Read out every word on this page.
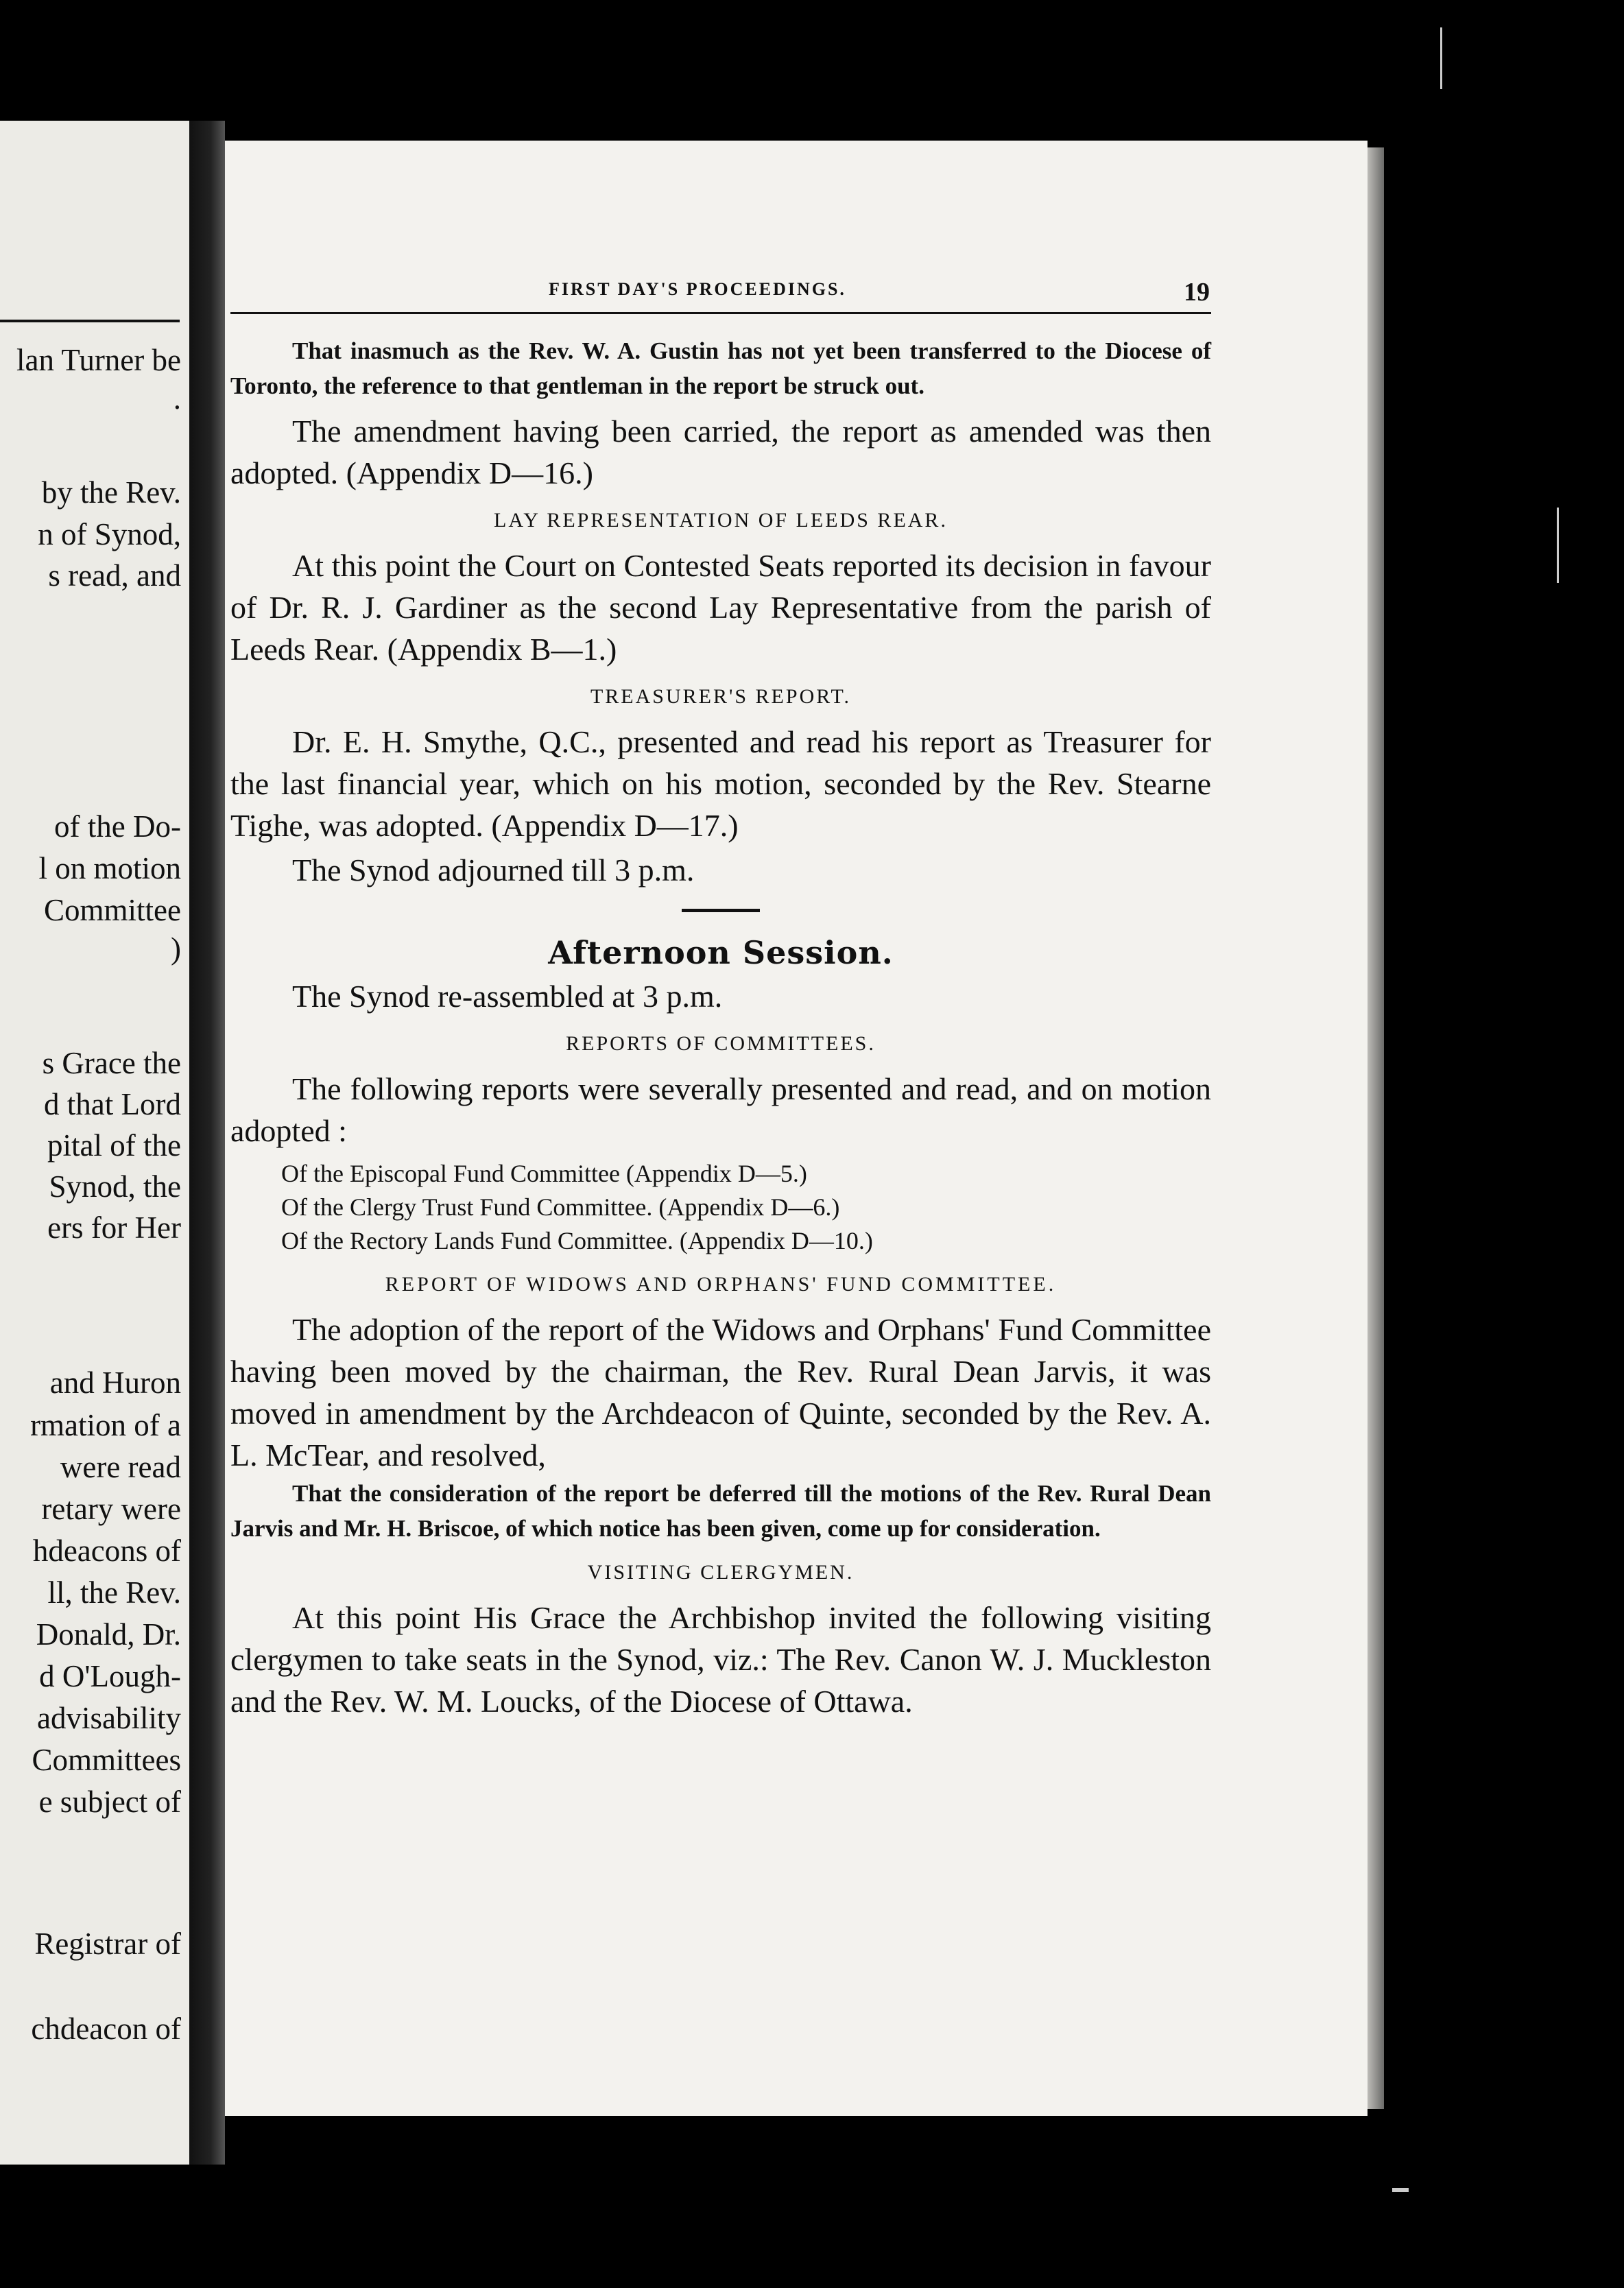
lan Turner be
.
by the Rev.
n of Synod,
s read, and
of the Do-
l on motion
Committee
)
s Grace the
d that Lord
pital of the
Synod, the
ers for Her
and Huron
rmation of a
were read
retary were
hdeacons of
ll, the Rev.
Donald, Dr.
d O'Lough-
advisability
Committees
e subject of
Registrar of
chdeacon of
FIRST DAY'S PROCEEDINGS.	19

That inasmuch as the Rev. W. A. Gustin has not yet been transferred to the Diocese of Toronto, the reference to that gentleman in the report be struck out.

The amendment having been carried, the report as amended was then adopted. (Appendix D—16.)

LAY REPRESENTATION OF LEEDS REAR.

At this point the Court on Contested Seats reported its decision in favour of Dr. R. J. Gardiner as the second Lay Representative from the parish of Leeds Rear. (Appendix B—1.)

TREASURER'S REPORT.

Dr. E. H. Smythe, Q.C., presented and read his report as Treasurer for the last financial year, which on his motion, seconded by the Rev. Stearne Tighe, was adopted. (Appendix D—17.)

The Synod adjourned till 3 p.m.

Afternoon Session.

The Synod re-assembled at 3 p.m.

REPORTS OF COMMITTEES.

The following reports were severally presented and read, and on motion adopted :

Of the Episcopal Fund Committee (Appendix D—5.)
Of the Clergy Trust Fund Committee. (Appendix D—6.)
Of the Rectory Lands Fund Committee. (Appendix D—10.)
REPORT OF WIDOWS AND ORPHANS' FUND COMMITTEE.

The adoption of the report of the Widows and Orphans' Fund Committee having been moved by the chairman, the Rev. Rural Dean Jarvis, it was moved in amendment by the Archdeacon of Quinte, seconded by the Rev. A. L. McTear, and resolved,

That the consideration of the report be deferred till the motions of the Rev. Rural Dean Jarvis and Mr. H. Briscoe, of which notice has been given, come up for consideration.

VISITING CLERGYMEN.

At this point His Grace the Archbishop invited the following visiting clergymen to take seats in the Synod, viz.: The Rev. Canon W. J. Muckleston and the Rev. W. M. Loucks, of the Diocese of Ottawa.
